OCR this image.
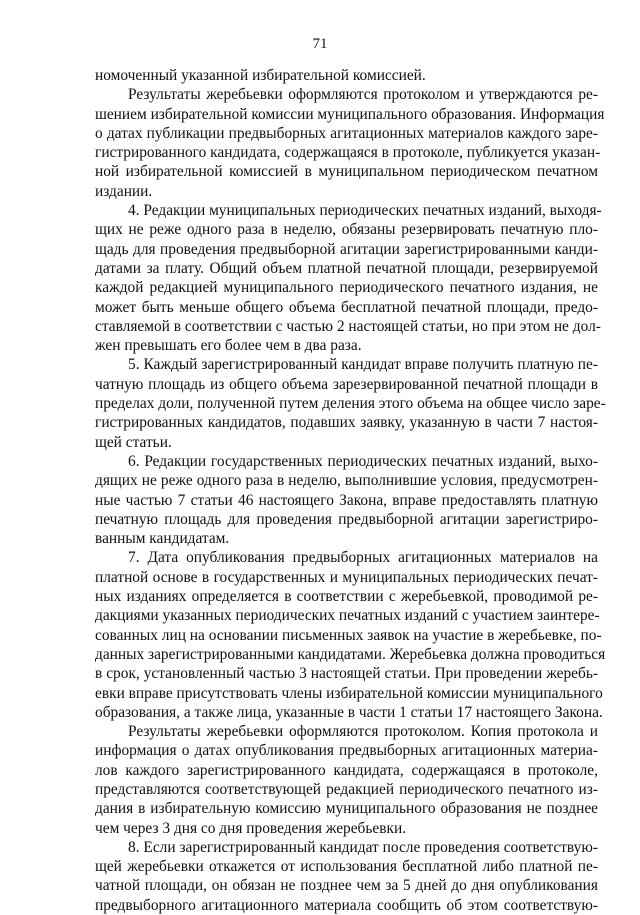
71
номоченный указанной избирательной комиссией.
Результаты жеребьевки оформляются протоколом и утверждаются ре-
шением избирательной комиссии муниципального образования. Информация
о датах публикации предвыборных агитационных материалов каждого заре-
гистрированного кандидата, содержащаяся в протоколе, публикуется указан-
ной избирательной комиссией в муниципальном периодическом печатном
издании.
4. Редакции муниципальных периодических печатных изданий, выходя-
щих не реже одного раза в неделю, обязаны резервировать печатную пло-
щадь для проведения предвыборной агитации зарегистрированными канди-
датами за плату. Общий объем платной печатной площади, резервируемой
каждой редакцией муниципального периодического печатного издания, не
может быть меньше общего объема бесплатной печатной площади, предо-
ставляемой в соответствии с частью 2 настоящей статьи, но при этом не дол-
жен превышать его более чем в два раза.
5. Каждый зарегистрированный кандидат вправе получить платную пе-
чатную площадь из общего объема зарезервированной печатной площади в
пределах доли, полученной путем деления этого объема на общее число заре-
гистрированных кандидатов, подавших заявку, указанную в части 7 настоя-
щей статьи.
6. Редакции государственных периодических печатных изданий, выхо-
дящих не реже одного раза в неделю, выполнившие условия, предусмотрен-
ные частью 7 статьи 46 настоящего Закона, вправе предоставлять платную
печатную площадь для проведения предвыборной агитации зарегистриро-
ванным кандидатам.
7. Дата опубликования предвыборных агитационных материалов на
платной основе в государственных и муниципальных периодических печат-
ных изданиях определяется в соответствии с жеребьевкой, проводимой ре-
дакциями указанных периодических печатных изданий с участием заинтере-
сованных лиц на основании письменных заявок на участие в жеребьевке, по-
данных зарегистрированными кандидатами. Жеребьевка должна проводиться
в срок, установленный частью 3 настоящей статьи. При проведении жеребь-
евки вправе присутствовать члены избирательной комиссии муниципального
образования, а также лица, указанные в части 1 статьи 17 настоящего Закона.
Результаты жеребьевки оформляются протоколом. Копия протокола и
информация о датах опубликования предвыборных агитационных материа-
лов каждого зарегистрированного кандидата, содержащаяся в протоколе,
представляются соответствующей редакцией периодического печатного из-
дания в избирательную комиссию муниципального образования не позднее
чем через 3 дня со дня проведения жеребьевки.
8. Если зарегистрированный кандидат после проведения соответствую-
щей жеребьевки откажется от использования бесплатной либо платной пе-
чатной площади, он обязан не позднее чем за 5 дней до дня опубликования
предвыборного агитационного материала сообщить об этом соответствую-
